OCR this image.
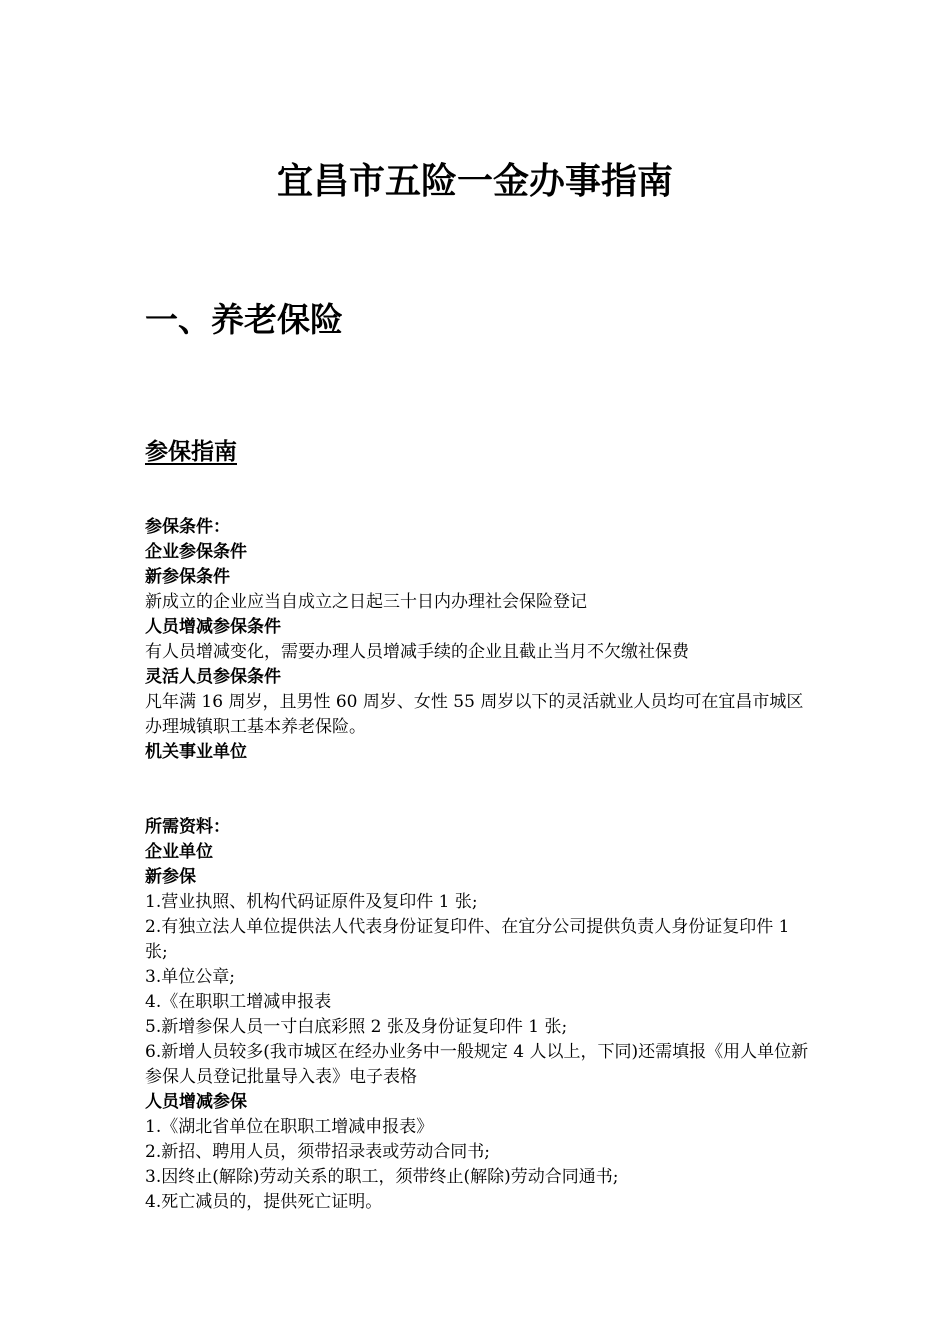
宜昌市五险一金办事指南
一、养老保险
参保指南

参保条件：

企业参保条件

新参保条件

新成立的企业应当自成立之日起三十日内办理社会保险登记

人员增减参保条件

有人员增减变化，需要办理人员增减手续的企业且截止当月不欠缴社保费

灵活人员参保条件

凡年满 16 周岁，且男性 60 周岁、女性 55 周岁以下的灵活就业人员均可在宜昌市城区办理城镇职工基本养老保险。

机关事业单位

所需资料：

企业单位

新参保

1.营业执照、机构代码证原件及复印件 1 张;

2.有独立法人单位提供法人代表身份证复印件、在宜分公司提供负责人身份证复印件 1 张;

3.单位公章;

4.《在职职工增减申报表

5.新增参保人员一寸白底彩照 2 张及身份证复印件 1 张;

6.新增人员较多(我市城区在经办业务中一般规定 4 人以上，下同)还需填报《用人单位新参保人员登记批量导入表》电子表格

人员增减参保

1.《湖北省单位在职职工增减申报表》

2.新招、聘用人员，须带招录表或劳动合同书;

3.因终止(解除)劳动关系的职工，须带终止(解除)劳动合同通书;

4.死亡减员的，提供死亡证明。
